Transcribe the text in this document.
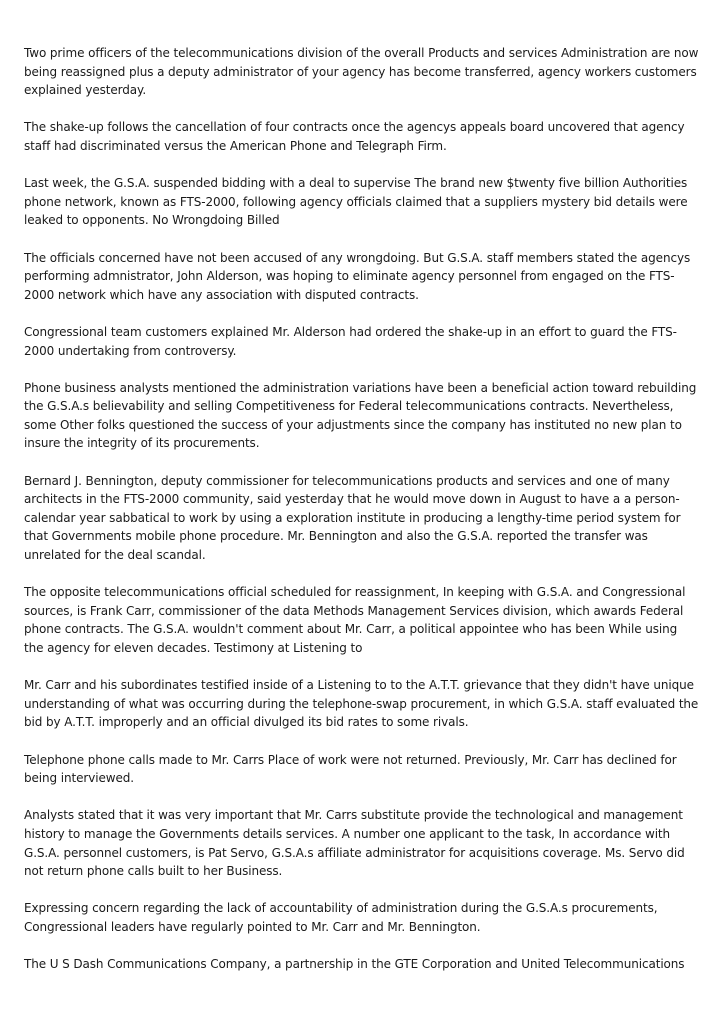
Two prime officers of the telecommunications division of the overall Products and services Administration are now being reassigned plus a deputy administrator of your agency has become transferred, agency workers customers explained yesterday.

The shake-up follows the cancellation of four contracts once the agencys appeals board uncovered that agency staff had discriminated versus the American Phone and Telegraph Firm.

Last week, the G.S.A. suspended bidding with a deal to supervise The brand new $twenty five billion Authorities phone network, known as FTS-2000, following agency officials claimed that a suppliers mystery bid details were leaked to opponents. No Wrongdoing Billed

The officials concerned have not been accused of any wrongdoing. But G.S.A. staff members stated the agencys performing admnistrator, John Alderson, was hoping to eliminate agency personnel from engaged on the FTS-2000 network which have any association with disputed contracts.

Congressional team customers explained Mr. Alderson had ordered the shake-up in an effort to guard the FTS-2000 undertaking from controversy.

Phone business analysts mentioned the administration variations have been a beneficial action toward rebuilding the G.S.A.s believability and selling Competitiveness for Federal telecommunications contracts. Nevertheless, some Other folks questioned the success of your adjustments since the company has instituted no new plan to insure the integrity of its procurements.

Bernard J. Bennington, deputy commissioner for telecommunications products and services and one of many architects in the FTS-2000 community, said yesterday that he would move down in August to have a a person-calendar year sabbatical to work by using a exploration institute in producing a lengthy-time period system for that Governments mobile phone procedure. Mr. Bennington and also the G.S.A. reported the transfer was unrelated for the deal scandal.

The opposite telecommunications official scheduled for reassignment, In keeping with G.S.A. and Congressional sources, is Frank Carr, commissioner of the data Methods Management Services division, which awards Federal phone contracts. The G.S.A. wouldn't comment about Mr. Carr, a political appointee who has been While using the agency for eleven decades. Testimony at Listening to

Mr. Carr and his subordinates testified inside of a Listening to to the A.T.T. grievance that they didn't have unique understanding of what was occurring during the telephone-swap procurement, in which G.S.A. staff evaluated the bid by A.T.T. improperly and an official divulged its bid rates to some rivals.

Telephone phone calls made to Mr. Carrs Place of work were not returned. Previously, Mr. Carr has declined for being interviewed.

Analysts stated that it was very important that Mr. Carrs substitute provide the technological and management history to manage the Governments details services. A number one applicant to the task, In accordance with G.S.A. personnel customers, is Pat Servo, G.S.A.s affiliate administrator for acquisitions coverage. Ms. Servo did not return phone calls built to her Business.

Expressing concern regarding the lack of accountability of administration during the G.S.A.s procurements, Congressional leaders have regularly pointed to Mr. Carr and Mr. Bennington.

The U S Dash Communications Company, a partnership in the GTE Corporation and United Telecommunications
